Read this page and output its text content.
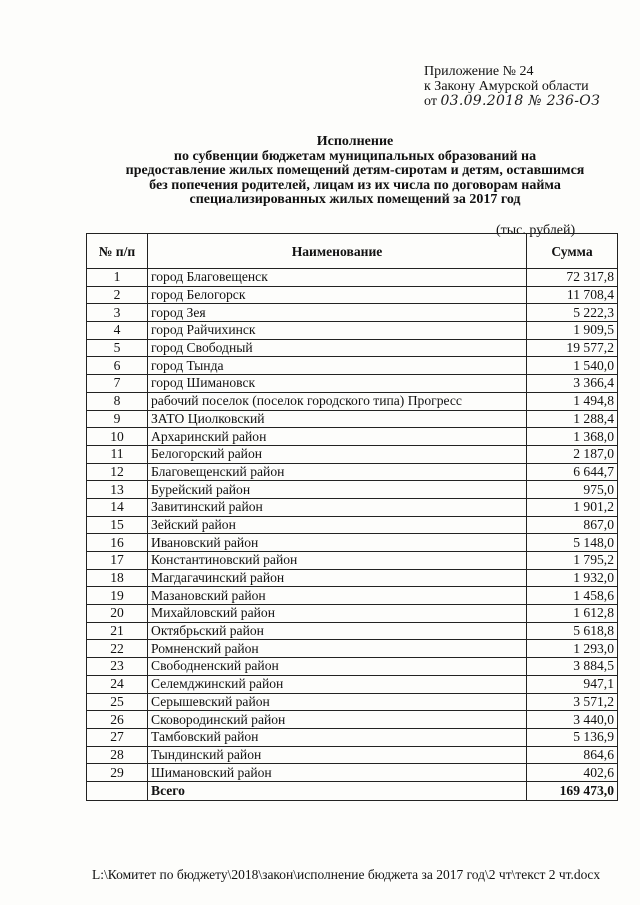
Приложение № 24
к Закону Амурской области
от 03.09.2018 № 236-ОЗ
Исполнение
по субвенции бюджетам муниципальных образований на
предоставление жилых помещений детям-сиротам и детям, оставшимся
без попечения родителей, лицам из их числа по договорам найма
специализированных жилых помещений за 2017 год
(тыс. рублей)
№ п/п	Наименование	Сумма
1	город Благовещенск	72 317,8
2	город Белогорск	11 708,4
3	город Зея	5 222,3
4	город Райчихинск	1 909,5
5	город Свободный	19 577,2
6	город Тында	1 540,0
7	город Шимановск	3 366,4
8	рабочий поселок (поселок городского типа) Прогресс	1 494,8
9	ЗАТО Циолковский	1 288,4
10	Архаринский район	1 368,0
11	Белогорский район	2 187,0
12	Благовещенский район	6 644,7
13	Бурейский район	975,0
14	Завитинский район	1 901,2
15	Зейский район	867,0
16	Ивановский район	5 148,0
17	Константиновский район	1 795,2
18	Магдагачинский район	1 932,0
19	Мазановский район	1 458,6
20	Михайловский район	1 612,8
21	Октябрьский район	5 618,8
22	Ромненский район	1 293,0
23	Свободненский район	3 884,5
24	Селемджинский район	947,1
25	Серышевский район	3 571,2
26	Сковородинский район	3 440,0
27	Тамбовский район	5 136,9
28	Тындинский район	864,6
29	Шимановский район	402,6
	Всего	169 473,0
L:\Комитет по бюджету\2018\закон\исполнение бюджета за 2017 год\2 чт\текст 2 чт.docx
